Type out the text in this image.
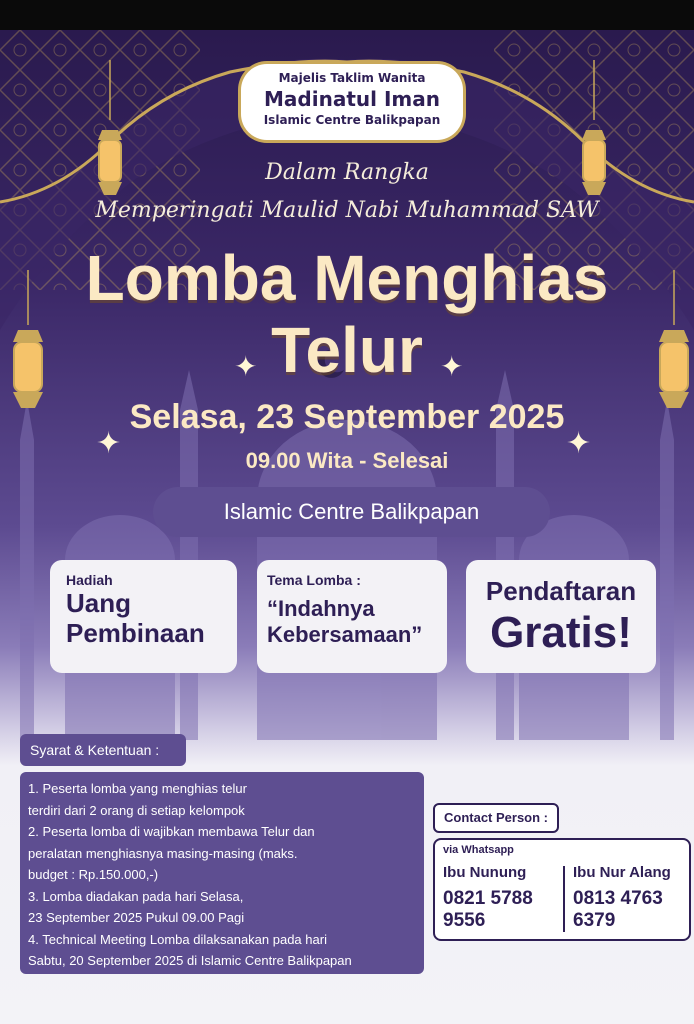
✦	✦
✦	✦
Majelis Taklim Wanita
Madinatul Iman
Islamic Centre Balikpapan
Dalam Rangka
Memperingati Maulid Nabi Muhammad SAW
Lomba Menghias
Telur
Selasa, 23 September 2025
09.00 Wita - Selesai
Islamic Centre Balikpapan
Hadiah
Uang
Pembinaan
Tema Lomba :
“Indahnya
Kebersamaan”
Pendaftaran
Gratis!
Syarat & Ketentuan :
1. Peserta lomba yang menghias telur
terdiri dari 2 orang di setiap kelompok
2. Peserta lomba di wajibkan membawa Telur dan
peralatan menghiasnya masing-masing (maks.
budget : Rp.150.000,-)
3. Lomba diadakan pada hari Selasa,
23 September 2025 Pukul 09.00 Pagi
4. Technical Meeting Lomba dilaksanakan pada hari
Sabtu, 20 September 2025 di Islamic Centre Balikpapan
Contact Person :
via Whatsapp
Ibu Nunung
0821 5788
9556
Ibu Nur Alang
0813 4763
6379
